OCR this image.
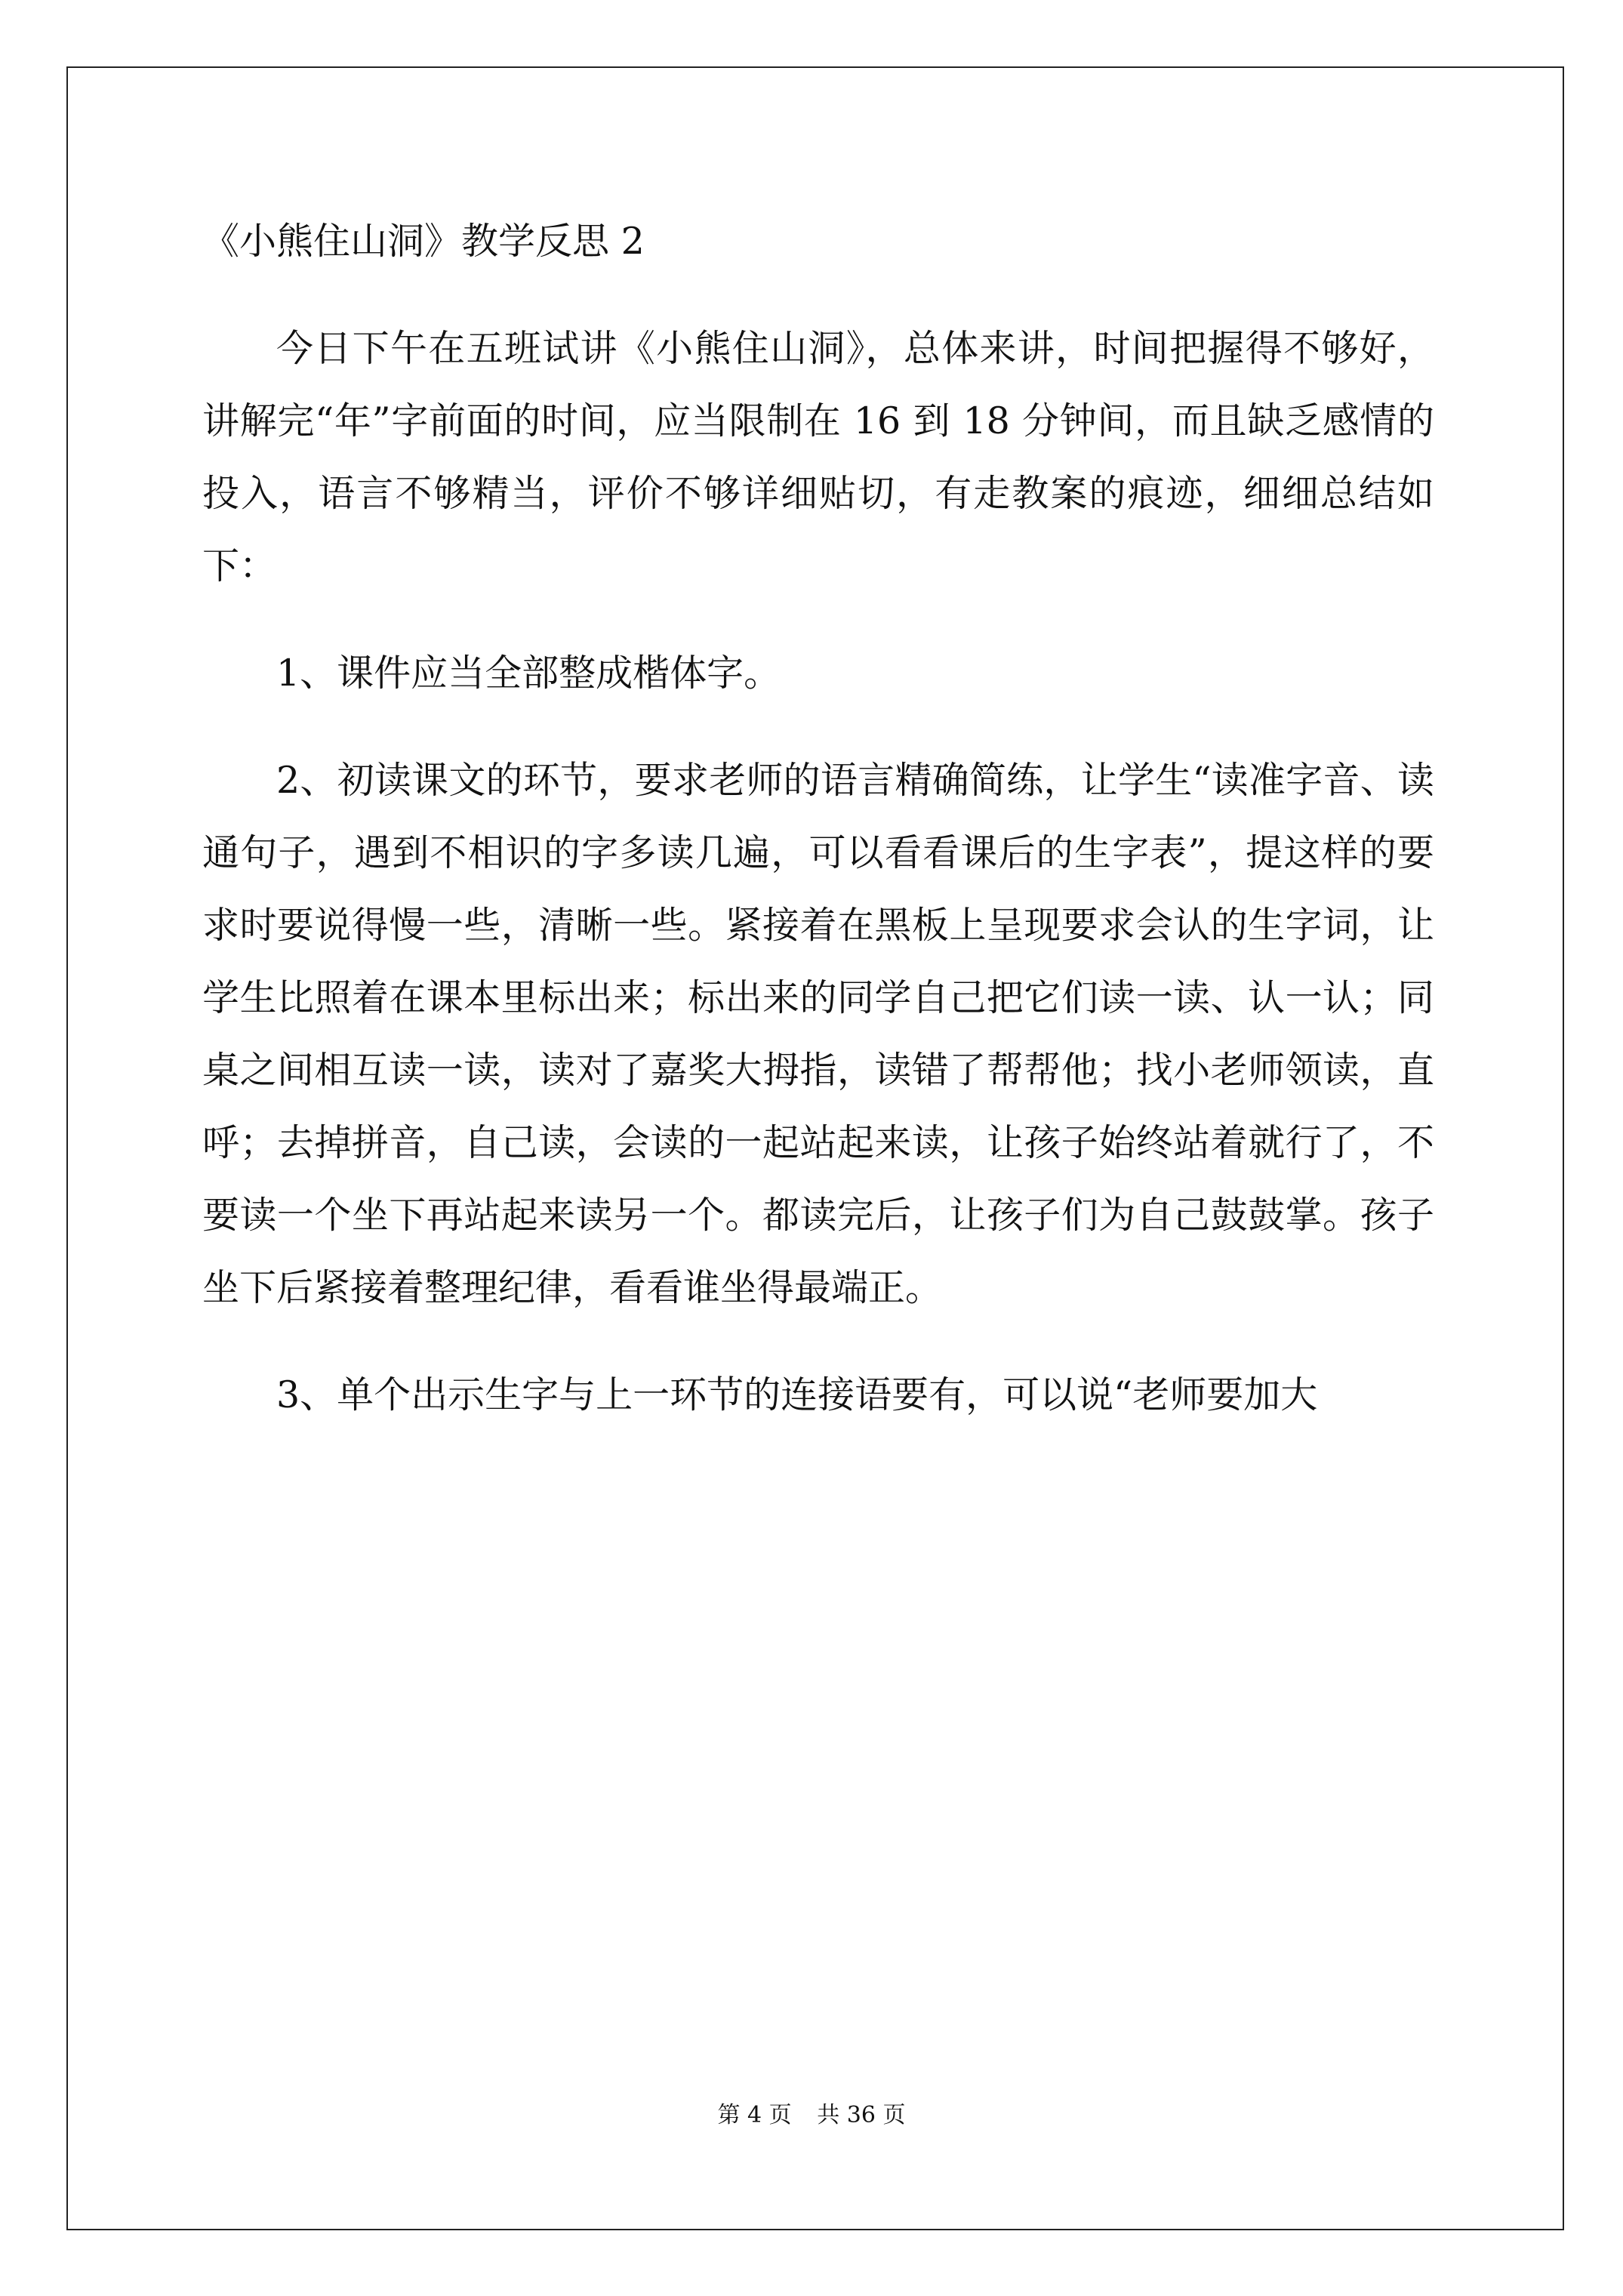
《小熊住山洞》教学反思 2

今日下午在五班试讲《小熊住山洞》，总体来讲，时间把握得不够好，讲解完“年”字前面的时间，应当限制在 16 到 18 分钟间，而且缺乏感情的投入，语言不够精当，评价不够详细贴切，有走教案的痕迹，细细总结如下：

1、课件应当全部整成楷体字。

2、初读课文的环节，要求老师的语言精确简练，让学生“读准字音、读通句子，遇到不相识的字多读几遍，可以看看课后的生字表”，提这样的要求时要说得慢一些，清晰一些。紧接着在黑板上呈现要求会认的生字词，让学生比照着在课本里标出来；标出来的同学自己把它们读一读、认一认；同桌之间相互读一读，读对了嘉奖大拇指，读错了帮帮他；找小老师领读，直呼；去掉拼音，自己读，会读的一起站起来读，让孩子始终站着就行了，不要读一个坐下再站起来读另一个。都读完后，让孩子们为自己鼓鼓掌。孩子坐下后紧接着整理纪律，看看谁坐得最端正。

3、单个出示生字与上一环节的连接语要有，可以说“老师要加大

第 4 页 共 36 页
